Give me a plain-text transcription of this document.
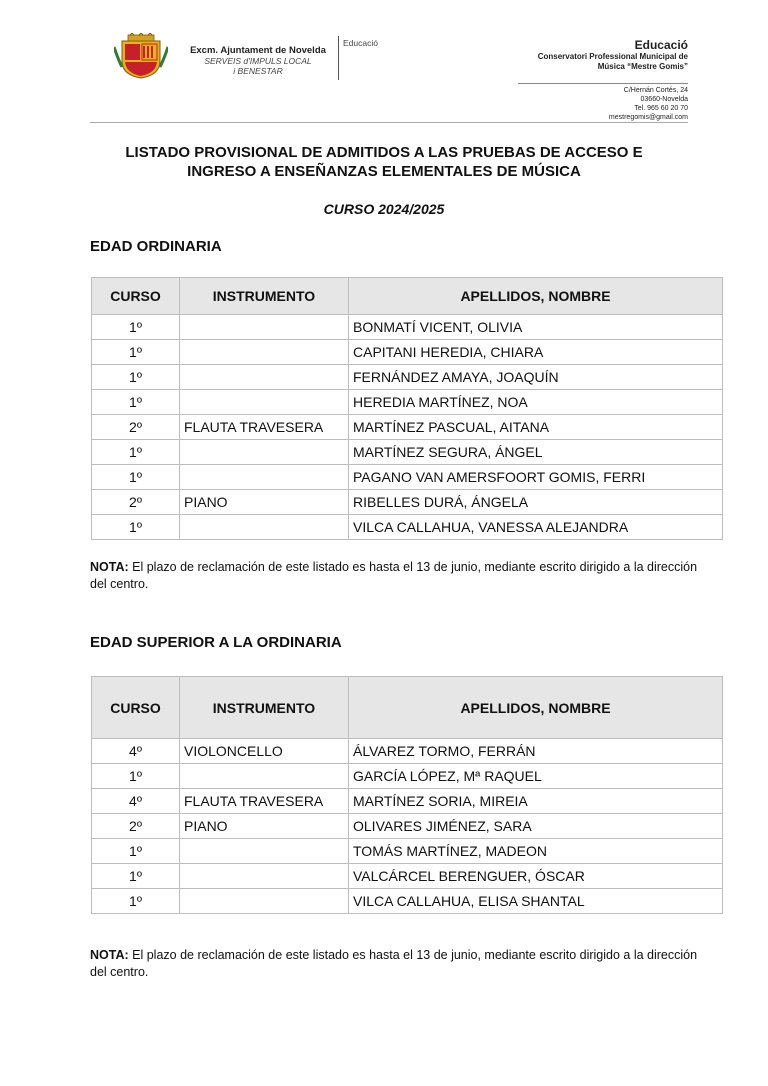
Excm. Ajuntament de Novelda
SERVEIS d'IMPULS LOCAL
i BENESTAR
Educació	Educació
Conservatori Professional Municipal de
Música “Mestre Gomis”
C/Hernán Cortés, 24
03660-Novelda
Tel. 965 60 20 70
mestregomis@gmail.com
LISTADO PROVISIONAL DE ADMITIDOS A LAS PRUEBAS DE ACCESO E
INGRESO A ENSEÑANZAS ELEMENTALES DE MÚSICA
CURSO 2024/2025
EDAD ORDINARIA
CURSO	INSTRUMENTO	APELLIDOS, NOMBRE
1º		BONMATÍ VICENT, OLIVIA
1º		CAPITANI HEREDIA, CHIARA
1º		FERNÁNDEZ AMAYA, JOAQUÍN
1º		HEREDIA MARTÍNEZ, NOA
2º	FLAUTA TRAVESERA	MARTÍNEZ PASCUAL, AITANA
1º		MARTÍNEZ SEGURA, ÁNGEL
1º		PAGANO VAN AMERSFOORT GOMIS, FERRI
2º	PIANO	RIBELLES DURÁ, ÁNGELA
1º		VILCA CALLAHUA, VANESSA ALEJANDRA
NOTA: El plazo de reclamación de este listado es hasta el 13 de junio, mediante escrito dirigido a la dirección del centro.
EDAD SUPERIOR A LA ORDINARIA
CURSO	INSTRUMENTO	APELLIDOS, NOMBRE
4º	VIOLONCELLO	ÁLVAREZ TORMO, FERRÁN
1º		GARCÍA LÓPEZ, Mª RAQUEL
4º	FLAUTA TRAVESERA	MARTÍNEZ SORIA, MIREIA
2º	PIANO	OLIVARES JIMÉNEZ, SARA
1º		TOMÁS MARTÍNEZ, MADEON
1º		VALCÁRCEL BERENGUER, ÓSCAR
1º		VILCA CALLAHUA, ELISA SHANTAL
NOTA: El plazo de reclamación de este listado es hasta el 13 de junio, mediante escrito dirigido a la dirección del centro.
